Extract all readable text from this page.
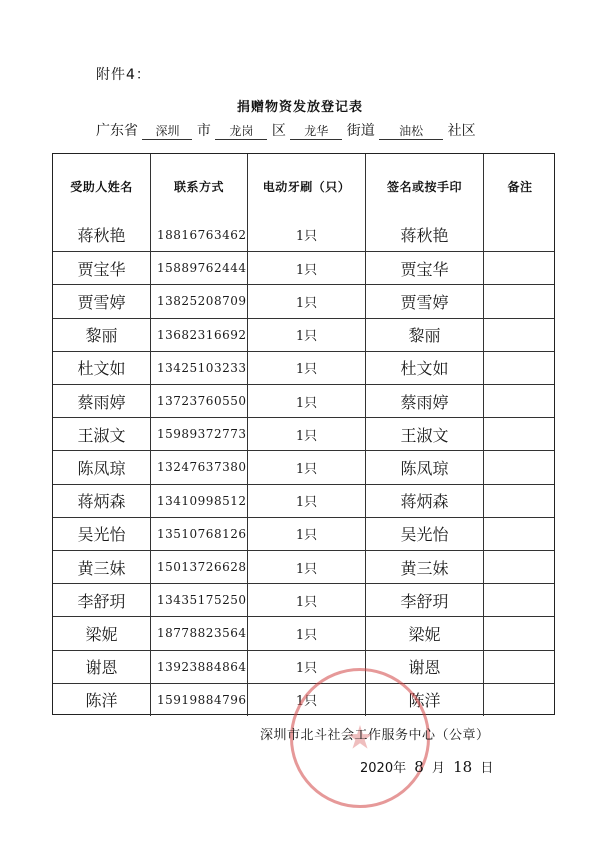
附件4：
捐赠物资发放登记表
广东省 深圳 市 龙岗 区 龙华 街道 油松 社区
受助人姓名	联系方式	电动牙刷（只）	签名或按手印	备注
蒋秋艳	18816763462	1只	蒋秋艳
贾宝华	15889762444	1只	贾宝华
贾雪婷	13825208709	1只	贾雪婷
黎丽	13682316692	1只	黎丽
杜文如	13425103233	1只	杜文如
蔡雨婷	13723760550	1只	蔡雨婷
王淑文	15989372773	1只	王淑文
陈凤琼	13247637380	1只	陈凤琼
蒋炳森	13410998512	1只	蒋炳森
吴光怡	13510768126	1只	吴光怡
黄三妹	15013726628	1只	黄三妹
李舒玥	13435175250	1只	李舒玥
梁妮	18778823564	1只	梁妮
谢恩	13923884864	1只	谢恩
陈洋	15919884796	1只	陈洋
深圳市北斗社会工作服务中心（公章）
2020年 8 月 18 日
